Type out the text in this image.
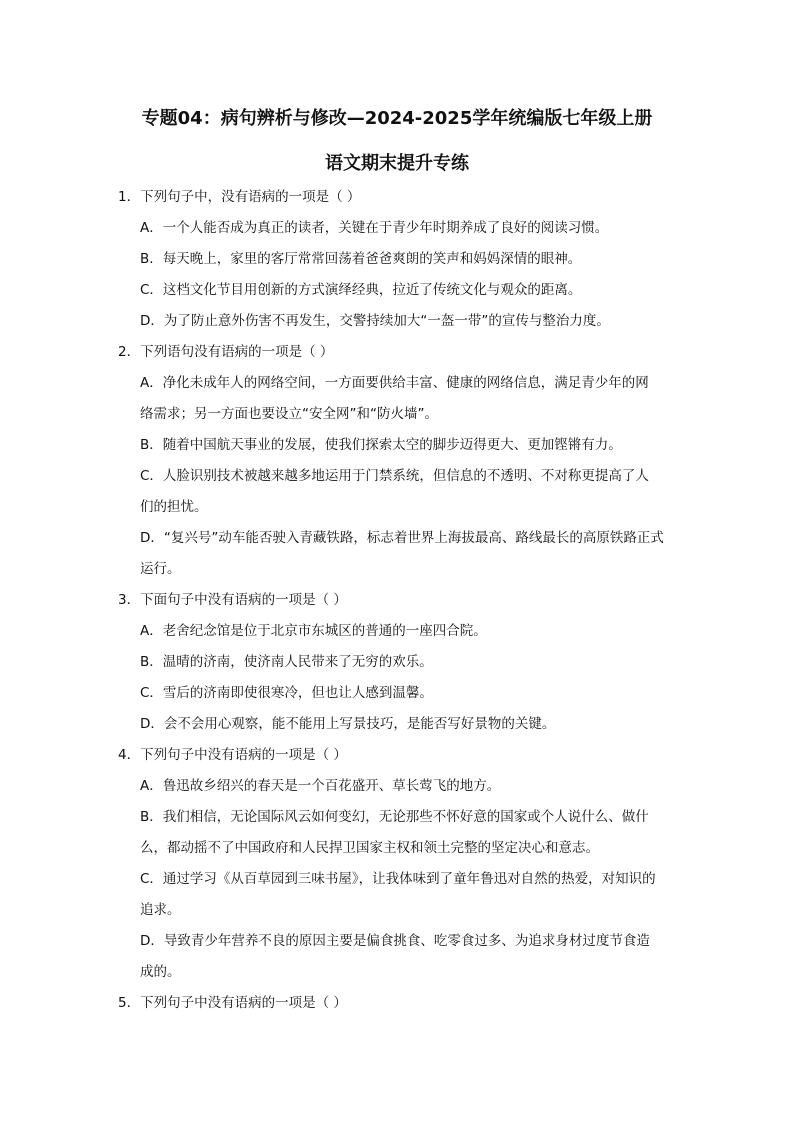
专题04：病句辨析与修改—2024-2025学年统编版七年级上册
语文期末提升专练
1．下列句子中，没有语病的一项是（ ）
A．一个人能否成为真正的读者，关键在于青少年时期养成了良好的阅读习惯。
B．每天晚上，家里的客厅常常回荡着爸爸爽朗的笑声和妈妈深情的眼神。
C．这档文化节目用创新的方式演绎经典，拉近了传统文化与观众的距离。
D．为了防止意外伤害不再发生，交警持续加大“一盔一带”的宣传与整治力度。
2．下列语句没有语病的一项是（ ）
A．净化未成年人的网络空间，一方面要供给丰富、健康的网络信息，满足青少年的网
络需求；另一方面也要设立“安全网”和“防火墙”。
B．随着中国航天事业的发展，使我们探索太空的脚步迈得更大、更加铿锵有力。
C．人脸识别技术被越来越多地运用于门禁系统，但信息的不透明、不对称更提高了人
们的担忧。
D．“复兴号”动车能否驶入青藏铁路，标志着世界上海拔最高、路线最长的高原铁路正式
运行。
3．下面句子中没有语病的一项是（ ）
A．老舍纪念馆是位于北京市东城区的普通的一座四合院。
B．温晴的济南，使济南人民带来了无穷的欢乐。
C．雪后的济南即使很寒冷，但也让人感到温馨。
D．会不会用心观察，能不能用上写景技巧，是能否写好景物的关键。
4．下列句子中没有语病的一项是（ ）
A．鲁迅故乡绍兴的春天是一个百花盛开、草长莺飞的地方。
B．我们相信，无论国际风云如何变幻，无论那些不怀好意的国家或个人说什么、做什
么，都动摇不了中国政府和人民捍卫国家主权和领土完整的坚定决心和意志。
C．通过学习《从百草园到三味书屋》，让我体味到了童年鲁迅对自然的热爱，对知识的
追求。
D．导致青少年营养不良的原因主要是偏食挑食、吃零食过多、为追求身材过度节食造
成的。
5．下列句子中没有语病的一项是（ ）
